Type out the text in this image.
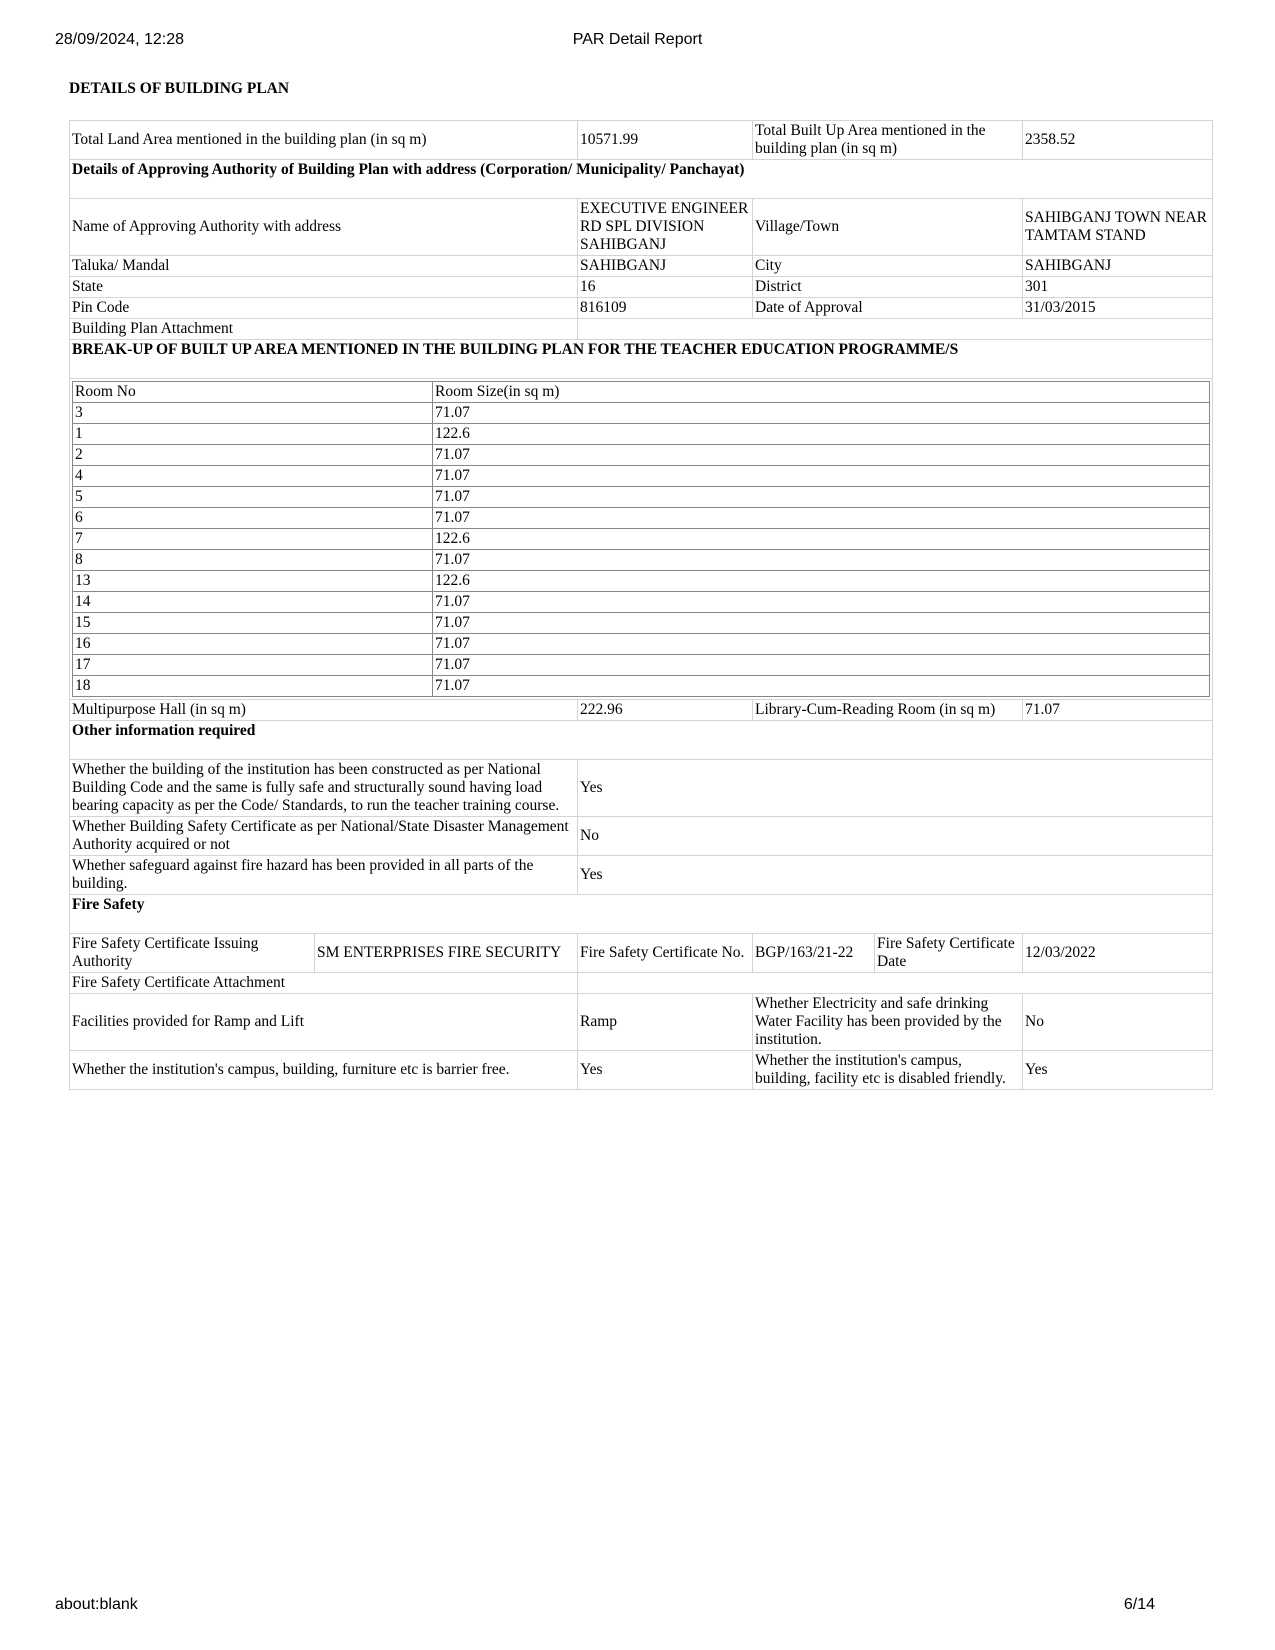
28/09/2024, 12:28	PAR Detail Report
DETAILS OF BUILDING PLAN
Total Land Area mentioned in the building plan (in sq m)	10571.99	Total Built Up Area mentioned in the building plan (in sq m)	2358.52
Details of Approving Authority of Building Plan with address (Corporation/ Municipality/ Panchayat)
Name of Approving Authority with address	EXECUTIVE ENGINEER RD SPL DIVISION SAHIBGANJ	Village/Town	SAHIBGANJ TOWN NEAR TAMTAM STAND
Taluka/ Mandal	SAHIBGANJ	City	SAHIBGANJ
State	16	District	301
Pin Code	816109	Date of Approval	31/03/2015
Building Plan Attachment	
BREAK-UP OF BUILT UP AREA MENTIONED IN THE BUILDING PLAN FOR THE TEACHER EDUCATION PROGRAMME/S

Room No	Room Size(in sq m)
3	71.07
1	122.6
2	71.07
4	71.07
5	71.07
6	71.07
7	122.6
8	71.07
13	122.6
14	71.07
15	71.07
16	71.07
17	71.07
18	71.07

Multipurpose Hall (in sq m)	222.96	Library-Cum-Reading Room (in sq m)	71.07
Other information required
Whether the building of the institution has been constructed as per National Building Code and the same is fully safe and structurally sound having load bearing capacity as per the Code/ Standards, to run the teacher training course.	Yes
Whether Building Safety Certificate as per National/State Disaster Management Authority acquired or not	No
Whether safeguard against fire hazard has been provided in all parts of the building.	Yes
Fire Safety
Fire Safety Certificate Issuing Authority	SM ENTERPRISES FIRE SECURITY	Fire Safety Certificate No.	BGP/163/21-22	Fire Safety Certificate Date	12/03/2022
Fire Safety Certificate Attachment	
Facilities provided for Ramp and Lift	Ramp	Whether Electricity and safe drinking Water Facility has been provided by the institution.	No
Whether the institution's campus, building, furniture etc is barrier free.	Yes	Whether the institution's campus, building, facility etc is disabled friendly.	Yes
about:blank	6/14
